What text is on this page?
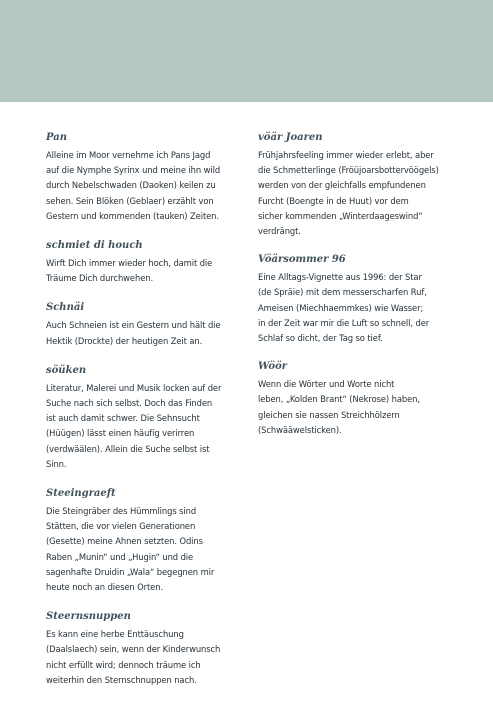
Pan

Alleine im Moor vernehme ich Pans Jagd
auf die Nymphe Syrinx und meine ihn wild
durch Nebelschwaden (Daoken) keilen zu
sehen. Sein Blöken (Geblaer) erzählt von
Gestern und kommenden (tauken) Zeiten.

schmiet di houch

Wirft Dich immer wieder hoch, damit die
Träume Dich durchwehen.

Schnäi

Auch Schneien ist ein Gestern und hält die
Hektik (Drockte) der heutigen Zeit an.

söüken

Literatur, Malerei und Musik locken auf der
Suche nach sich selbst. Doch das Finden
ist auch damit schwer. Die Sehnsucht
(Hüügen) lässt einen häufig verirren
(verdwäälen). Allein die Suche selbst ist
Sinn.

Steeingraeft

Die Steingräber des Hümmlings sind
Stätten, die vor vielen Generationen
(Gesette) meine Ahnen setzten. Odins
Raben „Munin“ und „Hugin“ und die
sagenhafte Druidin „Wala“ begegnen mir
heute noch an diesen Orten.

Steernsnuppen

Es kann eine herbe Enttäuschung
(Daalslaech) sein, wenn der Kinderwunsch
nicht erfüllt wird; dennoch träume ich
weiterhin den Sternschnuppen nach.

vöär Joaren

Frühjahrsfeeling immer wieder erlebt, aber
die Schmetterlinge (Fröüjoarsbottervöögels)
werden von der gleichfalls empfundenen
Furcht (Boengte in de Huut) vor dem
sicher kommenden „Winterdaageswind“
verdrängt.

Vöärsommer 96

Eine Alltags-Vignette aus 1996: der Star
(de Spräie) mit dem messerscharfen Ruf,
Ameisen (Miechhaemmkes) wie Wasser;
in der Zeit war mir die Luft so schnell, der
Schlaf so dicht, der Tag so tief.

Wöör

Wenn die Wörter und Worte nicht
leben, „Kolden Brant“ (Nekrose) haben,
gleichen sie nassen Streichhölzern
(Schwääwelsticken).
